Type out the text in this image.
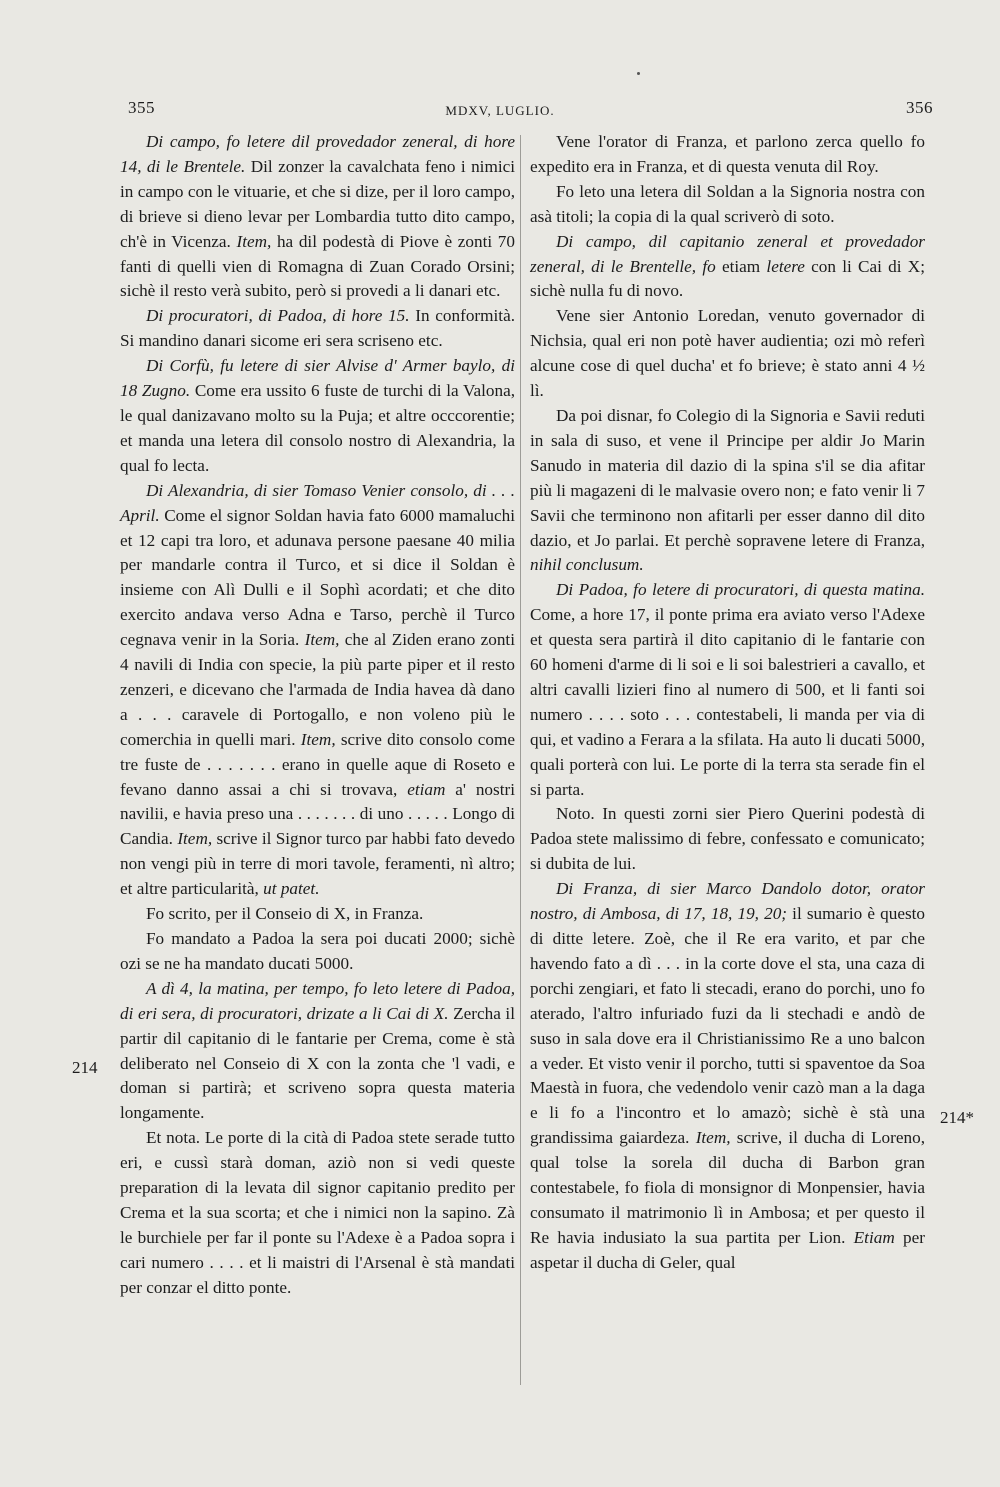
355	MDXV, LUGLIO.	356

Di campo, fo letere dil provedador zeneral, di hore 14, di le Brentele. Dil zonzer la cavalchata feno i nimici in campo con le vituarie, et che si dize, per il loro campo, di brieve si dieno levar per Lombardia tutto dito campo, ch'è in Vicenza. Item, ha dil podestà di Piove è zonti 70 fanti di quelli vien di Romagna di Zuan Corado Orsini; sichè il resto verà subito, però si provedi a li danari etc.

Di procuratori, di Padoa, di hore 15. In conformità. Si mandino danari sicome eri sera scriseno etc.

Di Corfù, fu letere di sier Alvise d' Armer baylo, di 18 Zugno. Come era ussito 6 fuste de turchi di la Valona, le qual danizavano molto su la Puja; et altre occcorentie; et manda una letera dil consolo nostro di Alexandria, la qual fo lecta.

Di Alexandria, di sier Tomaso Venier consolo, di . . . April. Come el signor Soldan havia fato 6000 mamaluchi et 12 capi tra loro, et adunava persone paesane 40 milia per mandarle contra il Turco, et si dice il Soldan è insieme con Alì Dulli e il Sophì acordati; et che dito exercito andava verso Adna e Tarso, perchè il Turco cegnava venir in la Soria. Item, che al Ziden erano zonti 4 navili di India con specie, la più parte piper et il resto zenzeri, e dicevano che l'armada de India havea dà dano a . . . caravele di Portogallo, e non voleno più le comerchia in quelli mari. Item, scrive dito consolo come tre fuste de . . . . . . . erano in quelle aque di Roseto e fevano danno assai a chi si trovava, etiam a' nostri navilii, e havia preso una . . . . . . . di uno . . . . . Longo di Candia. Item, scrive il Signor turco par habbi fato devedo non vengi più in terre di mori tavole, feramenti, nì altro; et altre particularità, ut patet.

Fo scrito, per il Conseio di X, in Franza.

Fo mandato a Padoa la sera poi ducati 2000; sichè ozi se ne ha mandato ducati 5000.

A dì 4, la matina, per tempo, fo leto letere di Padoa, di eri sera, di procuratori, drizate a li Cai di X. Zercha il partir dil capitanio di le fantarie per Crema, come è stà deliberato nel Conseio di X con la zonta che 'l vadi, e doman si partirà; et scriveno sopra questa materia longamente.

Et nota. Le porte di la cità di Padoa stete serade tutto eri, e cussì starà doman, aziò non si vedi queste preparation di la levata dil signor capitanio predito per Crema et la sua scorta; et che i nimici non la sapino. Zà le burchiele per far il ponte su l'Adexe è a Padoa sopra i cari numero . . . . et li maistri di l'Arsenal è stà mandati per conzar el ditto ponte.

Vene l'orator di Franza, et parlono zerca quello fo expedito era in Franza, et di questa venuta dil Roy.

Fo leto una letera dil Soldan a la Signoria nostra con asà titoli; la copia di la qual scriverò di soto.

Di campo, dil capitanio zeneral et provedador zeneral, di le Brentelle, fo etiam letere con li Cai di X; sichè nulla fu di novo.

Vene sier Antonio Loredan, venuto governador di Nichsia, qual eri non potè haver audientia; ozi mò referì alcune cose di quel ducha' et fo brieve; è stato anni 4 ½ lì.

Da poi disnar, fo Colegio di la Signoria e Savii reduti in sala di suso, et vene il Principe per aldir Jo Marin Sanudo in materia dil dazio di la spina s'il se dia afitar più li magazeni di le malvasie overo non; e fato venir li 7 Savii che terminono non afitarli per esser danno dil dito dazio, et Jo parlai. Et perchè sopravene letere di Franza, nihil conclusum.

Di Padoa, fo letere di procuratori, di questa matina. Come, a hore 17, il ponte prima era aviato verso l'Adexe et questa sera partirà il dito capitanio di le fantarie con 60 homeni d'arme di li soi e li soi balestrieri a cavallo, et altri cavalli lizieri fino al numero di 500, et li fanti soi numero . . . . soto . . . contestabeli, li manda per via di qui, et vadino a Ferara a la sfilata. Ha auto li ducati 5000, quali porterà con lui. Le porte di la terra sta serade fin el si parta.

Noto. In questi zorni sier Piero Querini podestà di Padoa stete malissimo di febre, confessato e comunicato; si dubita de lui.

Di Franza, di sier Marco Dandolo dotor, orator nostro, di Ambosa, di 17, 18, 19, 20; il sumario è questo di ditte letere. Zoè, che il Re era varito, et par che havendo fato a dì . . . in la corte dove el sta, una caza di porchi zengiari, et fato li stecadi, erano do porchi, uno fo aterado, l'altro infuriado fuzi da li stechadi e andò de suso in sala dove era il Christianissimo Re a uno balcon a veder. Et visto venir il porcho, tutti si spaventoe da Soa Maestà in fuora, che vedendolo venir cazò man a la daga e li fo a l'incontro et lo amazò; sichè è stà una grandissima gaiardeza. Item, scrive, il ducha di Loreno, qual tolse la sorela dil ducha di Barbon gran contestabele, fo fiola di monsignor di Monpensier, havia consumato il matrimonio lì in Ambosa; et per questo il Re havia indusiato la sua partita per Lion. Etiam per aspetar il ducha di Geler, qual

214
214*
